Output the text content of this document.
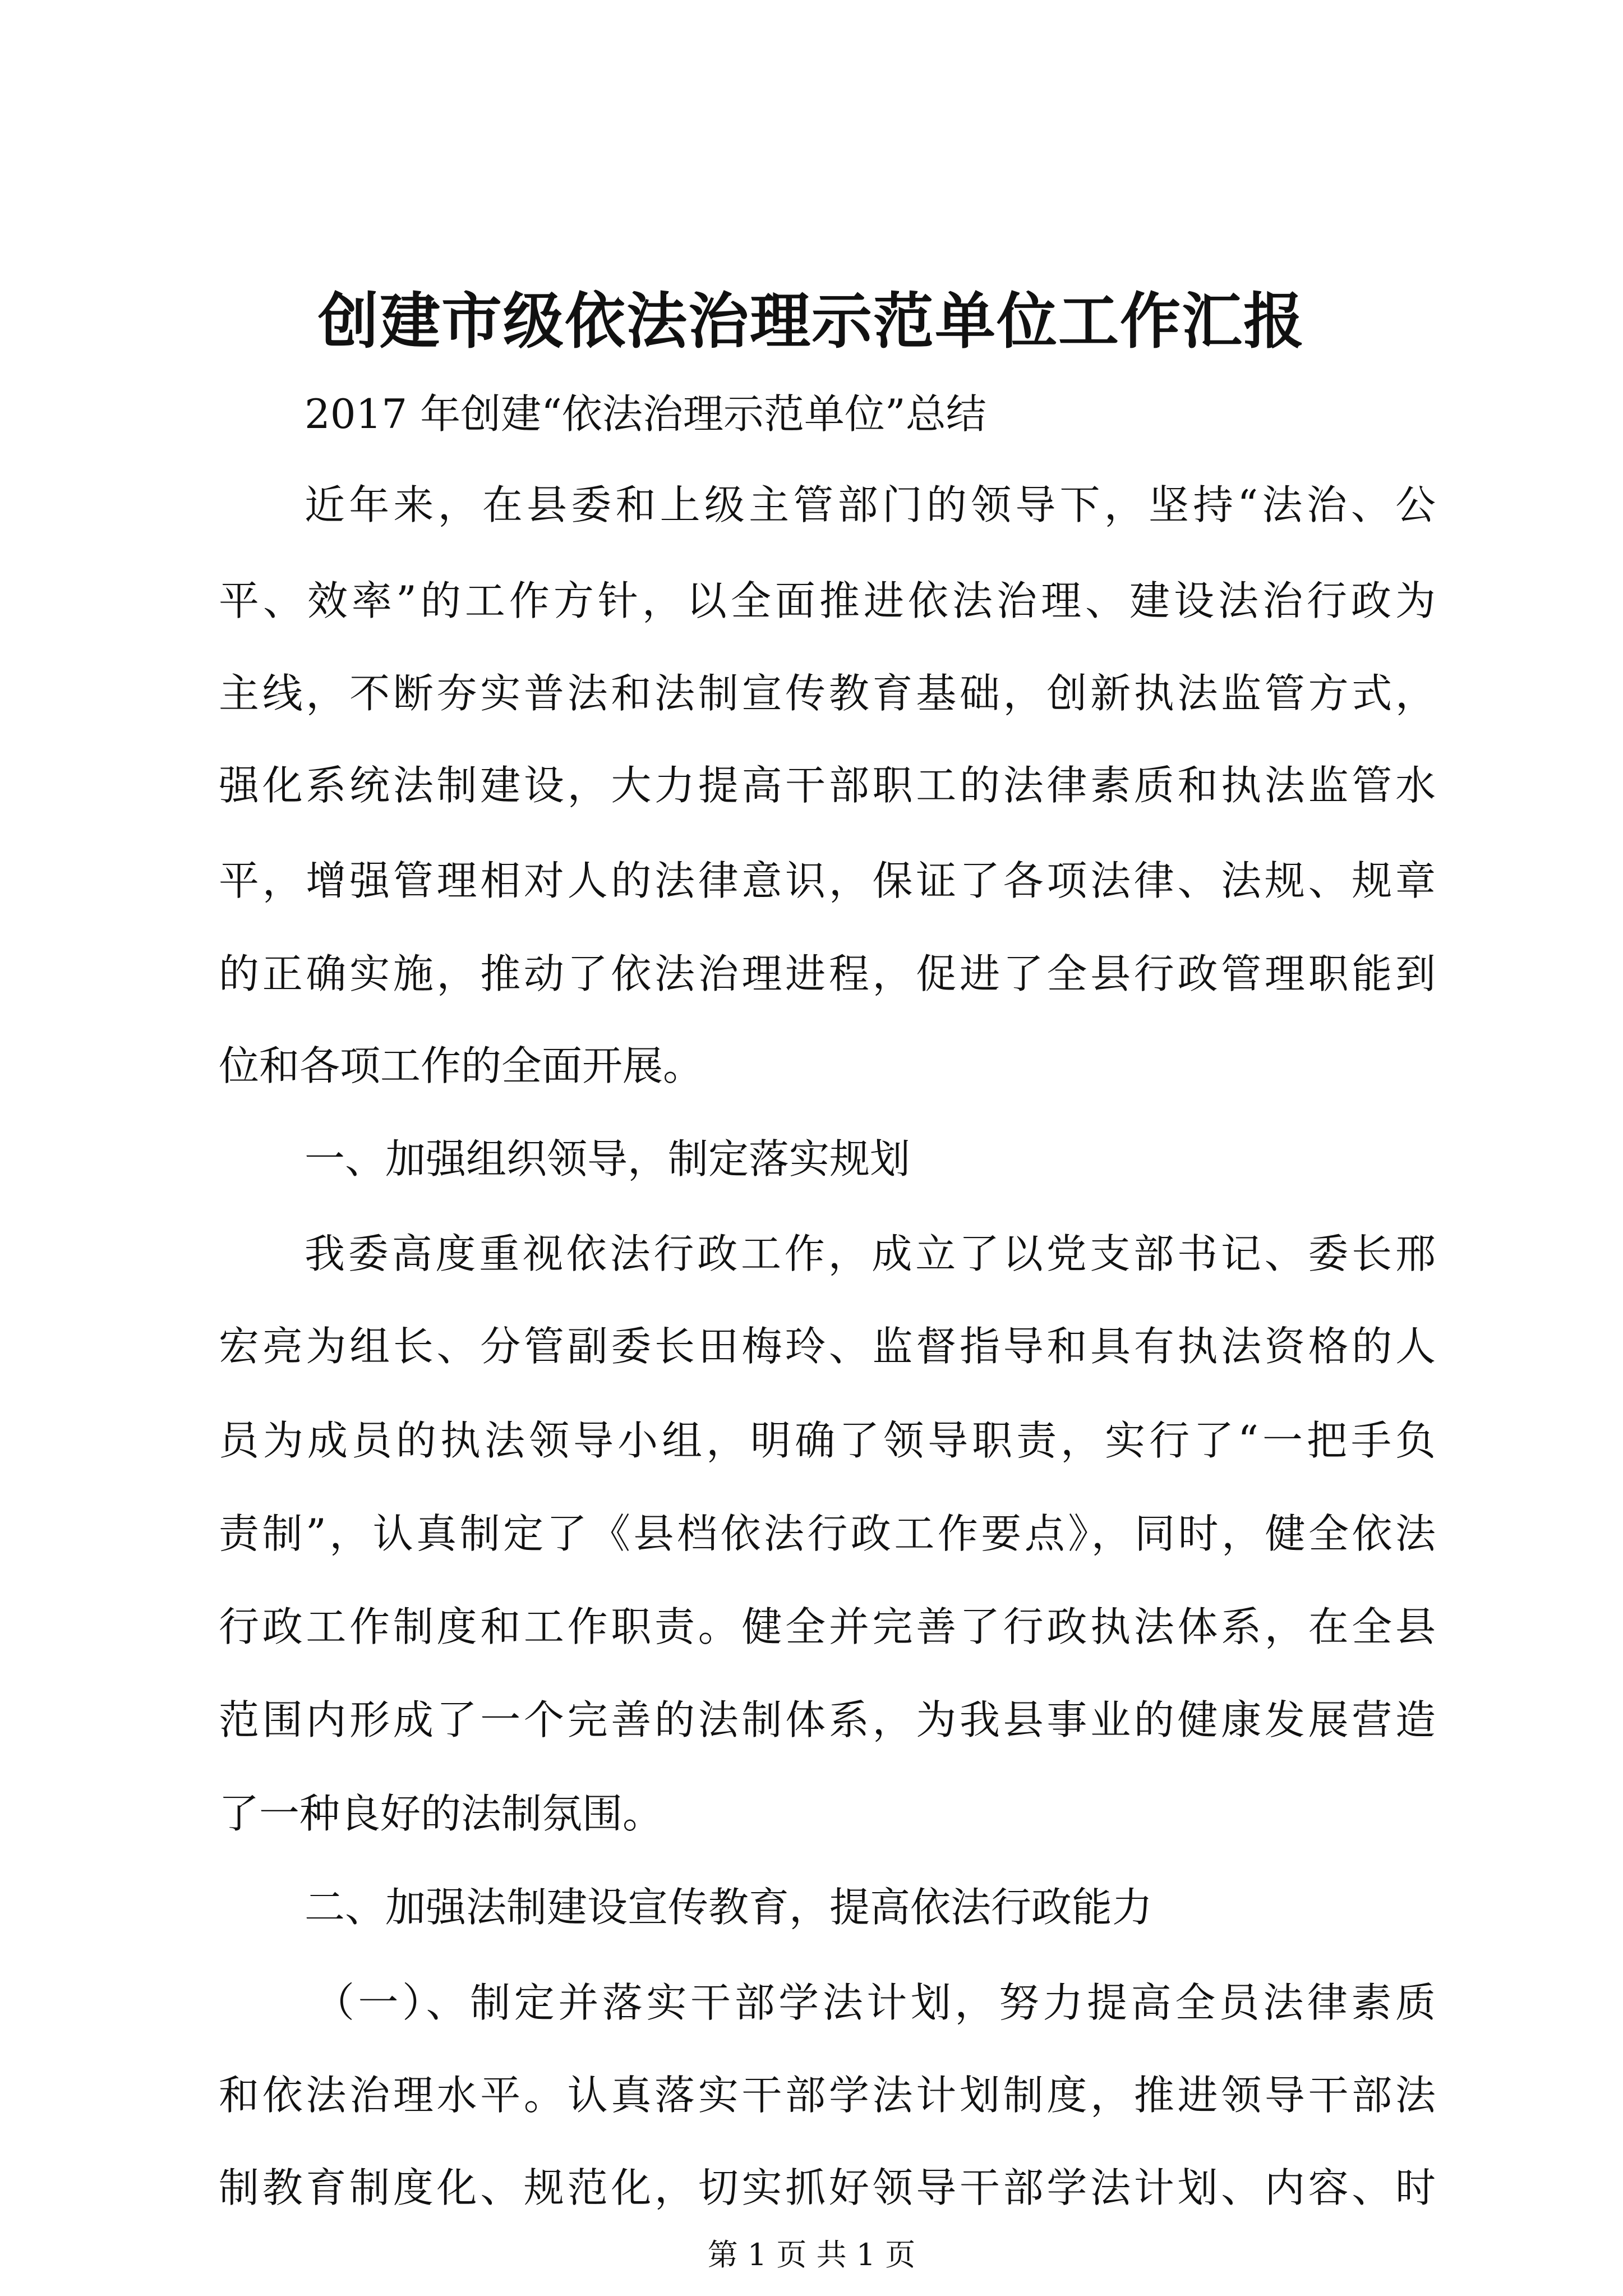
创建市级依法治理示范单位工作汇报
2017 年创建“依法治理示范单位”总结
近年来，在县委和上级主管部门的领导下，坚持“法治、公
平、效率”的工作方针，以全面推进依法治理、建设法治行政为
主线，不断夯实普法和法制宣传教育基础，创新执法监管方式，
强化系统法制建设，大力提高干部职工的法律素质和执法监管水
平，增强管理相对人的法律意识，保证了各项法律、法规、规章
的正确实施，推动了依法治理进程，促进了全县行政管理职能到
位和各项工作的全面开展。
一、加强组织领导，制定落实规划
我委高度重视依法行政工作，成立了以党支部书记、委长邢
宏亮为组长、分管副委长田梅玲、监督指导和具有执法资格的人
员为成员的执法领导小组，明确了领导职责，实行了“一把手负
责制”，认真制定了《县档依法行政工作要点》，同时，健全依法
行政工作制度和工作职责。健全并完善了行政执法体系，在全县
范围内形成了一个完善的法制体系，为我县事业的健康发展营造
了一种良好的法制氛围。
二、加强法制建设宣传教育，提高依法行政能力
（一）、制定并落实干部学法计划，努力提高全员法律素质
和依法治理水平。认真落实干部学法计划制度，推进领导干部法
制教育制度化、规范化，切实抓好领导干部学法计划、内容、时
第 1 页 共 1 页
